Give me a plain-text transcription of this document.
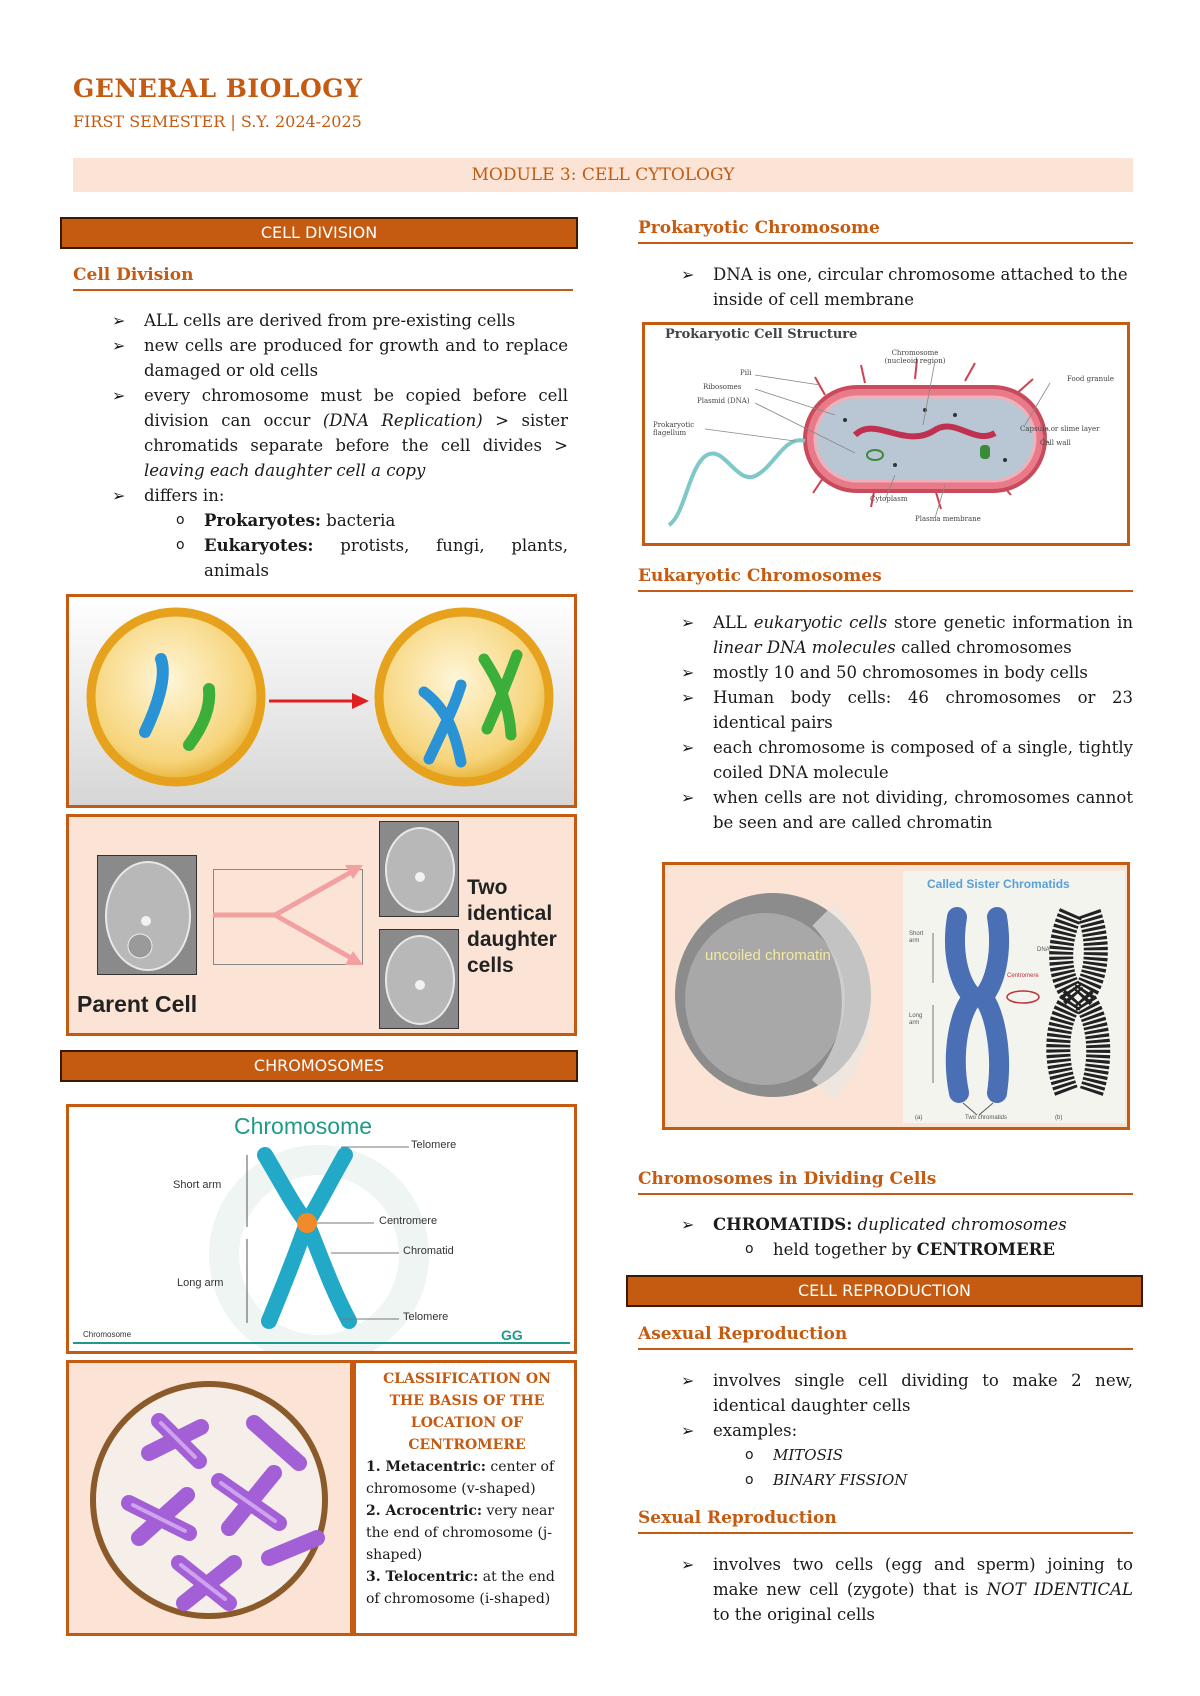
GENERAL BIOLOGY
FIRST SEMESTER | S.Y. 2024-2025
MODULE 3: CELL CYTOLOGY
CELL DIVISION
Cell Division
➢ ALL cells are derived from pre-existing cells
➢ new cells are produced for growth and to replace damaged or old cells
➢ every chromosome must be copied before cell division can occur (DNA Replication) > sister chromatids separate before the cell divides > leaving each daughter cell a copy
➢ differs in:
o Prokaryotes: bacteria
o Eukaryotes: protists, fungi, plants, animals
Two identical daughter cells
Parent Cell
CHROMOSOMES
Chromosome
Telomere
Short arm
Centromere
Chromatid
Long arm
Telomere
Chromosome	GG
CLASSIFICATION ON THE BASIS OF THE LOCATION OF CENTROMERE
1. Metacentric: center of chromosome (v-shaped)
2. Acrocentric: very near the end of chromosome (j-shaped)
3. Telocentric: at the end of chromosome (i-shaped)
Prokaryotic Chromosome
➢ DNA is one, circular chromosome attached to the inside of cell membrane
Prokaryotic Cell Structure
Chromosome (nucleoid region)
Pili
Ribosomes
Plasmid (DNA)
Prokaryotic flagellum
Food granule
Capsule or slime layer
Cell wall
Cytoplasm
Plasma membrane
Eukaryotic Chromosomes
➢ ALL eukaryotic cells store genetic information in linear DNA molecules called chromosomes
➢ mostly 10 and 50 chromosomes in body cells
➢ Human body cells: 46 chromosomes or 23 identical pairs
➢ each chromosome is composed of a single, tightly coiled DNA molecule
➢ when cells are not dividing, chromosomes cannot be seen and are called chromatin
uncoiled chromatin
Called Sister Chromatids
Short arm
Long arm
DNA
Centromere
Two chromatids
(a)	(b)
Chromosomes in Dividing Cells
➢ CHROMATIDS: duplicated chromosomes
o held together by CENTROMERE
CELL REPRODUCTION
Asexual Reproduction
➢ involves single cell dividing to make 2 new, identical daughter cells
➢ examples:
o MITOSIS
o BINARY FISSION
Sexual Reproduction
➢ involves two cells (egg and sperm) joining to make new cell (zygote) that is NOT IDENTICAL to the original cells
